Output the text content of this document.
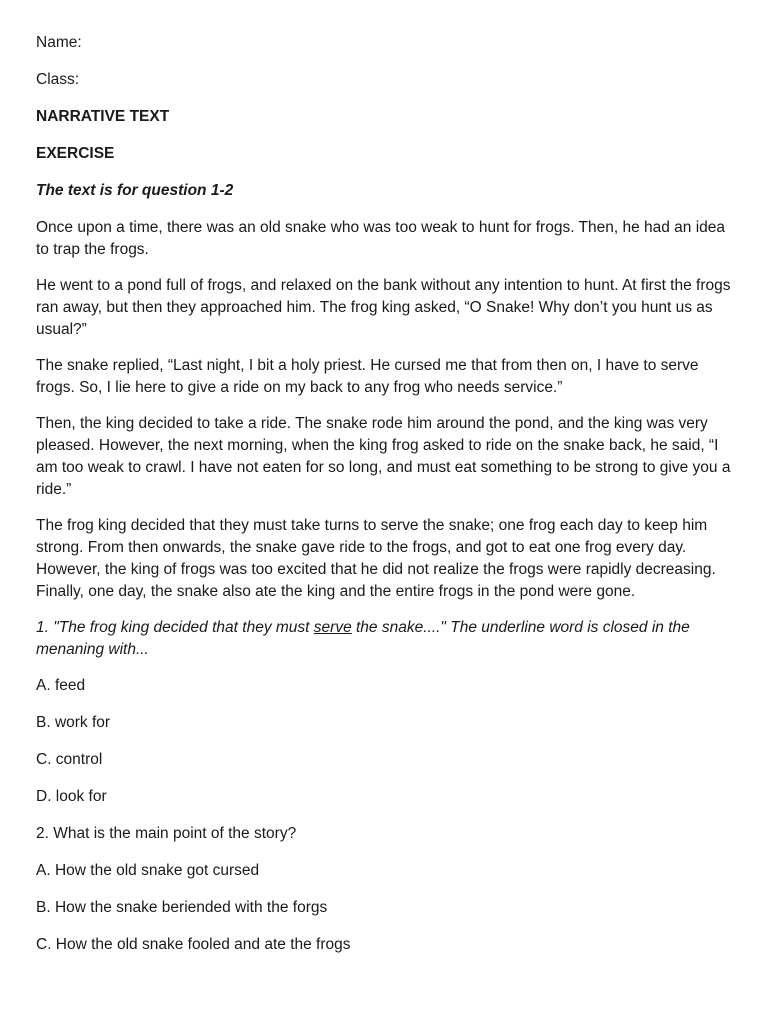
Name:
Class:
NARRATIVE TEXT
EXERCISE
The text is for question 1-2

Once upon a time, there was an old snake who was too weak to hunt for frogs. Then, he had an idea to trap the frogs.

He went to a pond full of frogs, and relaxed on the bank without any intention to hunt. At first the frogs ran away, but then they approached him. The frog king asked, “O Snake! Why don’t you hunt us as usual?”

The snake replied, “Last night, I bit a holy priest. He cursed me that from then on, I have to serve frogs. So, I lie here to give a ride on my back to any frog who needs service.”

Then, the king decided to take a ride. The snake rode him around the pond, and the king was very pleased. However, the next morning, when the king frog asked to ride on the snake back, he said, “I am too weak to crawl. I have not eaten for so long, and must eat something to be strong to give you a ride.”

The frog king decided that they must take turns to serve the snake; one frog each day to keep him strong. From then onwards, the snake gave ride to the frogs, and got to eat one frog every day. However, the king of frogs was too excited that he did not realize the frogs were rapidly decreasing. Finally, one day, the snake also ate the king and the entire frogs in the pond were gone.

1. "The frog king decided that they must serve the snake...." The underline word is closed in the menaning with...

A. feed
B. work for
C. control
D. look for
2. What is the main point of the story?
A. How the old snake got cursed
B. How the snake beriended with the forgs
C. How the old snake fooled and ate the frogs
